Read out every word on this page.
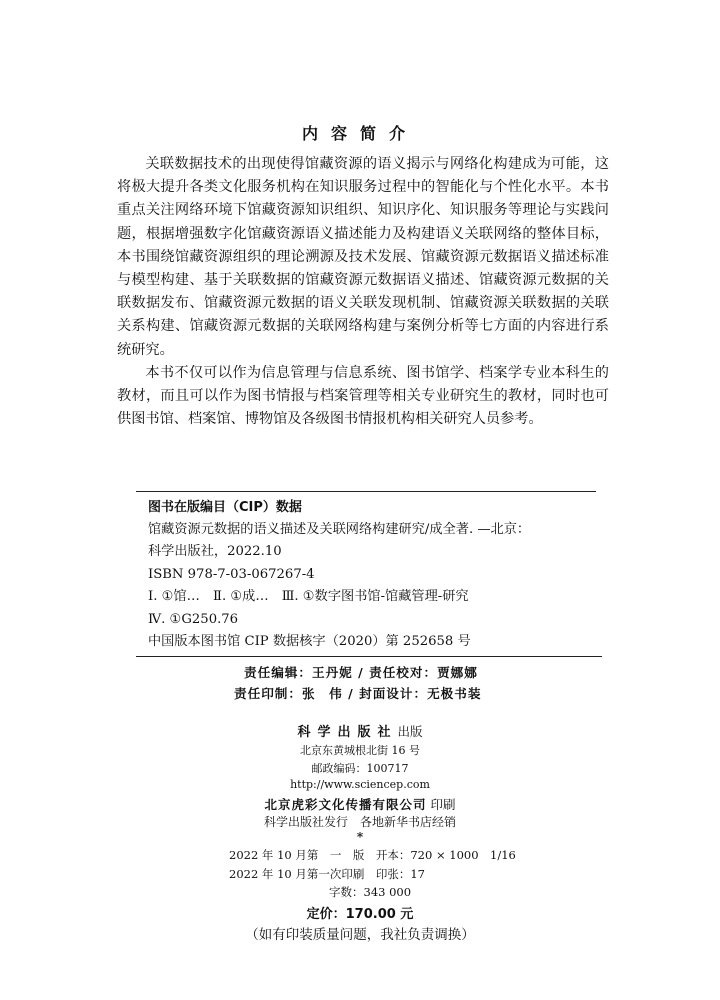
内容简介

关联数据技术的出现使得馆藏资源的语义揭示与网络化构建成为可能，这将极大提升各类文化服务机构在知识服务过程中的智能化与个性化水平。本书重点关注网络环境下馆藏资源知识组织、知识序化、知识服务等理论与实践问题，根据增强数字化馆藏资源语义描述能力及构建语义关联网络的整体目标，本书围绕馆藏资源组织的理论溯源及技术发展、馆藏资源元数据语义描述标准与模型构建、基于关联数据的馆藏资源元数据语义描述、馆藏资源元数据的关联数据发布、馆藏资源元数据的语义关联发现机制、馆藏资源关联数据的关联关系构建、馆藏资源元数据的关联网络构建与案例分析等七方面的内容进行系统研究。

本书不仅可以作为信息管理与信息系统、图书馆学、档案学专业本科生的教材，而且可以作为图书情报与档案管理等相关专业研究生的教材，同时也可供图书馆、档案馆、博物馆及各级图书情报机构相关研究人员参考。

图书在版编目（CIP）数据
馆藏资源元数据的语义描述及关联网络构建研究/成全著. —北京：
科学出版社，2022.10
ISBN 978-7-03-067267-4
Ⅰ. ①馆…　Ⅱ. ①成…　Ⅲ. ①数字图书馆-馆藏管理-研究
Ⅳ. ①G250.76
中国版本图书馆 CIP 数据核字（2020）第 252658 号
责任编辑：王丹妮 / 责任校对：贾娜娜
责任印制：张　伟 / 封面设计：无极书装
科学出版社出版
北京东黄城根北街 16 号
邮政编码：100717
http://www.sciencep.com
北京虎彩文化传播有限公司 印刷
科学出版社发行　各地新华书店经销
*
2022 年 10 月第　一　版　开本：720 × 1000　1/16
2022 年 10 月第一次印刷　印张：17
字数：343 000
定价：170.00 元
（如有印装质量问题，我社负责调换）
